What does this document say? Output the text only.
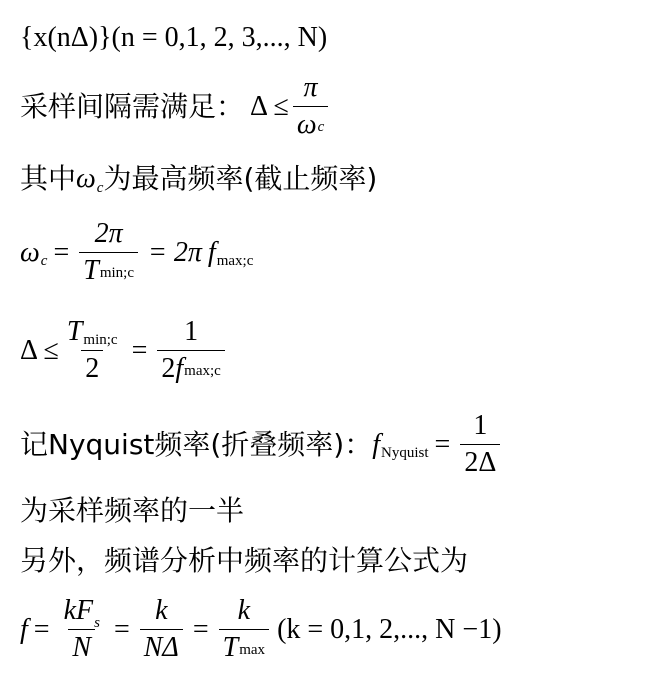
{x(nΔ)}(n = 0,1, 2, 3,..., N)
采样间隔需满足： $\Delta \le \frac{\pi}{\text{ω c}}$
其中 ω c 为最高频率(截止频率)
ω $c = \frac{2\pi}{\text{T min;c}} = 2\pi$ f max;c
$\Delta \le \frac{\text{T min;c}}{2} = \frac{1}{\text{2 f max;c}}$
记Nyquist频率(折叠频率)： f Nyquist = $\frac{1}{2\Delta}$
为采样频率的一半
另外，频谱分析中频率的计算公式为
$f = \frac{\text{kF s}}{N} = \frac{k}{N\Delta} = \frac{k}{\text{T max}} (k = 0,1$, 2,..., N −1)
